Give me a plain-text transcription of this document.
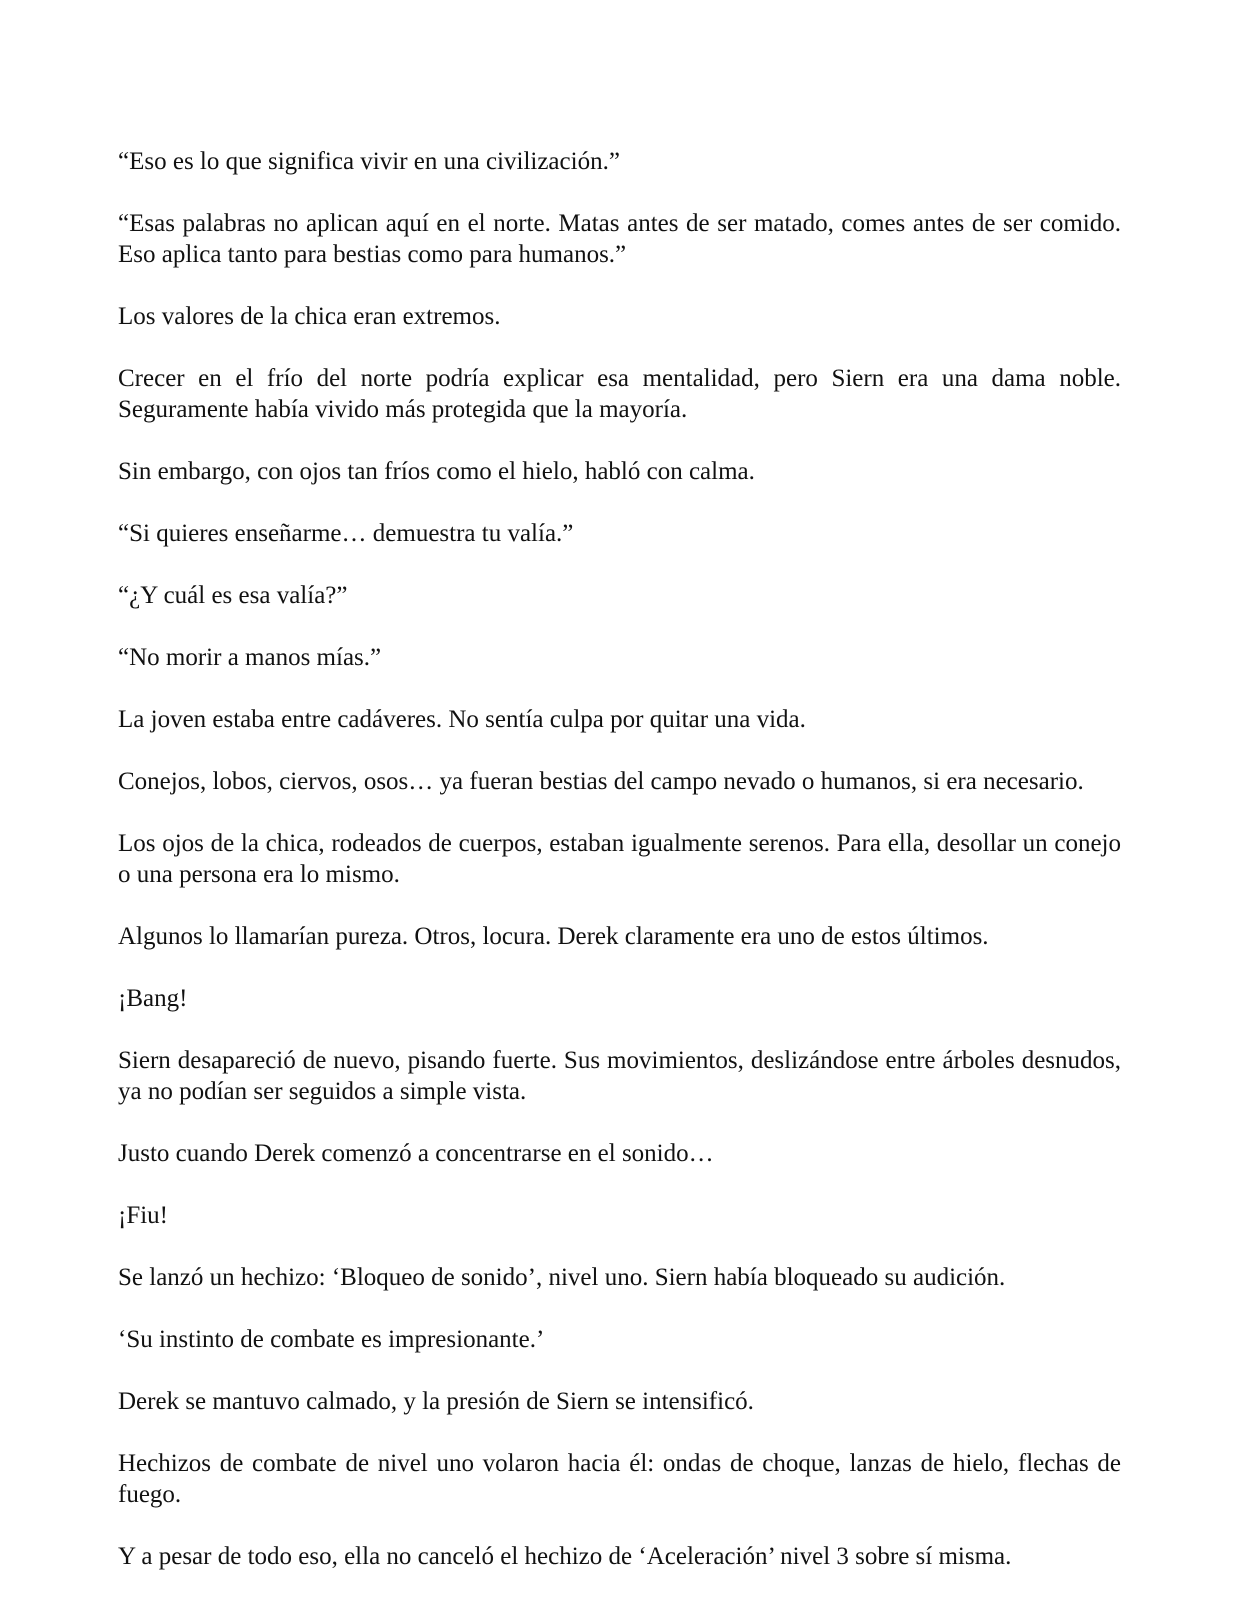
“Eso es lo que significa vivir en una civilización.”

“Esas palabras no aplican aquí en el norte. Matas antes de ser matado, comes antes de ser comido. Eso aplica tanto para bestias como para humanos.”

Los valores de la chica eran extremos.

Crecer en el frío del norte podría explicar esa mentalidad, pero Siern era una dama noble. Seguramente había vivido más protegida que la mayoría.

Sin embargo, con ojos tan fríos como el hielo, habló con calma.

“Si quieres enseñarme… demuestra tu valía.”

“¿Y cuál es esa valía?”

“No morir a manos mías.”

La joven estaba entre cadáveres. No sentía culpa por quitar una vida.

Conejos, lobos, ciervos, osos… ya fueran bestias del campo nevado o humanos, si era necesario.

Los ojos de la chica, rodeados de cuerpos, estaban igualmente serenos. Para ella, desollar un conejo o una persona era lo mismo.

Algunos lo llamarían pureza. Otros, locura. Derek claramente era uno de estos últimos.

¡Bang!

Siern desapareció de nuevo, pisando fuerte. Sus movimientos, deslizándose entre árboles desnudos, ya no podían ser seguidos a simple vista.

Justo cuando Derek comenzó a concentrarse en el sonido…

¡Fiu!

Se lanzó un hechizo: ‘Bloqueo de sonido’, nivel uno. Siern había bloqueado su audición.

‘Su instinto de combate es impresionante.’

Derek se mantuvo calmado, y la presión de Siern se intensificó.

Hechizos de combate de nivel uno volaron hacia él: ondas de choque, lanzas de hielo, flechas de fuego.

Y a pesar de todo eso, ella no canceló el hechizo de ‘Aceleración’ nivel 3 sobre sí misma.
